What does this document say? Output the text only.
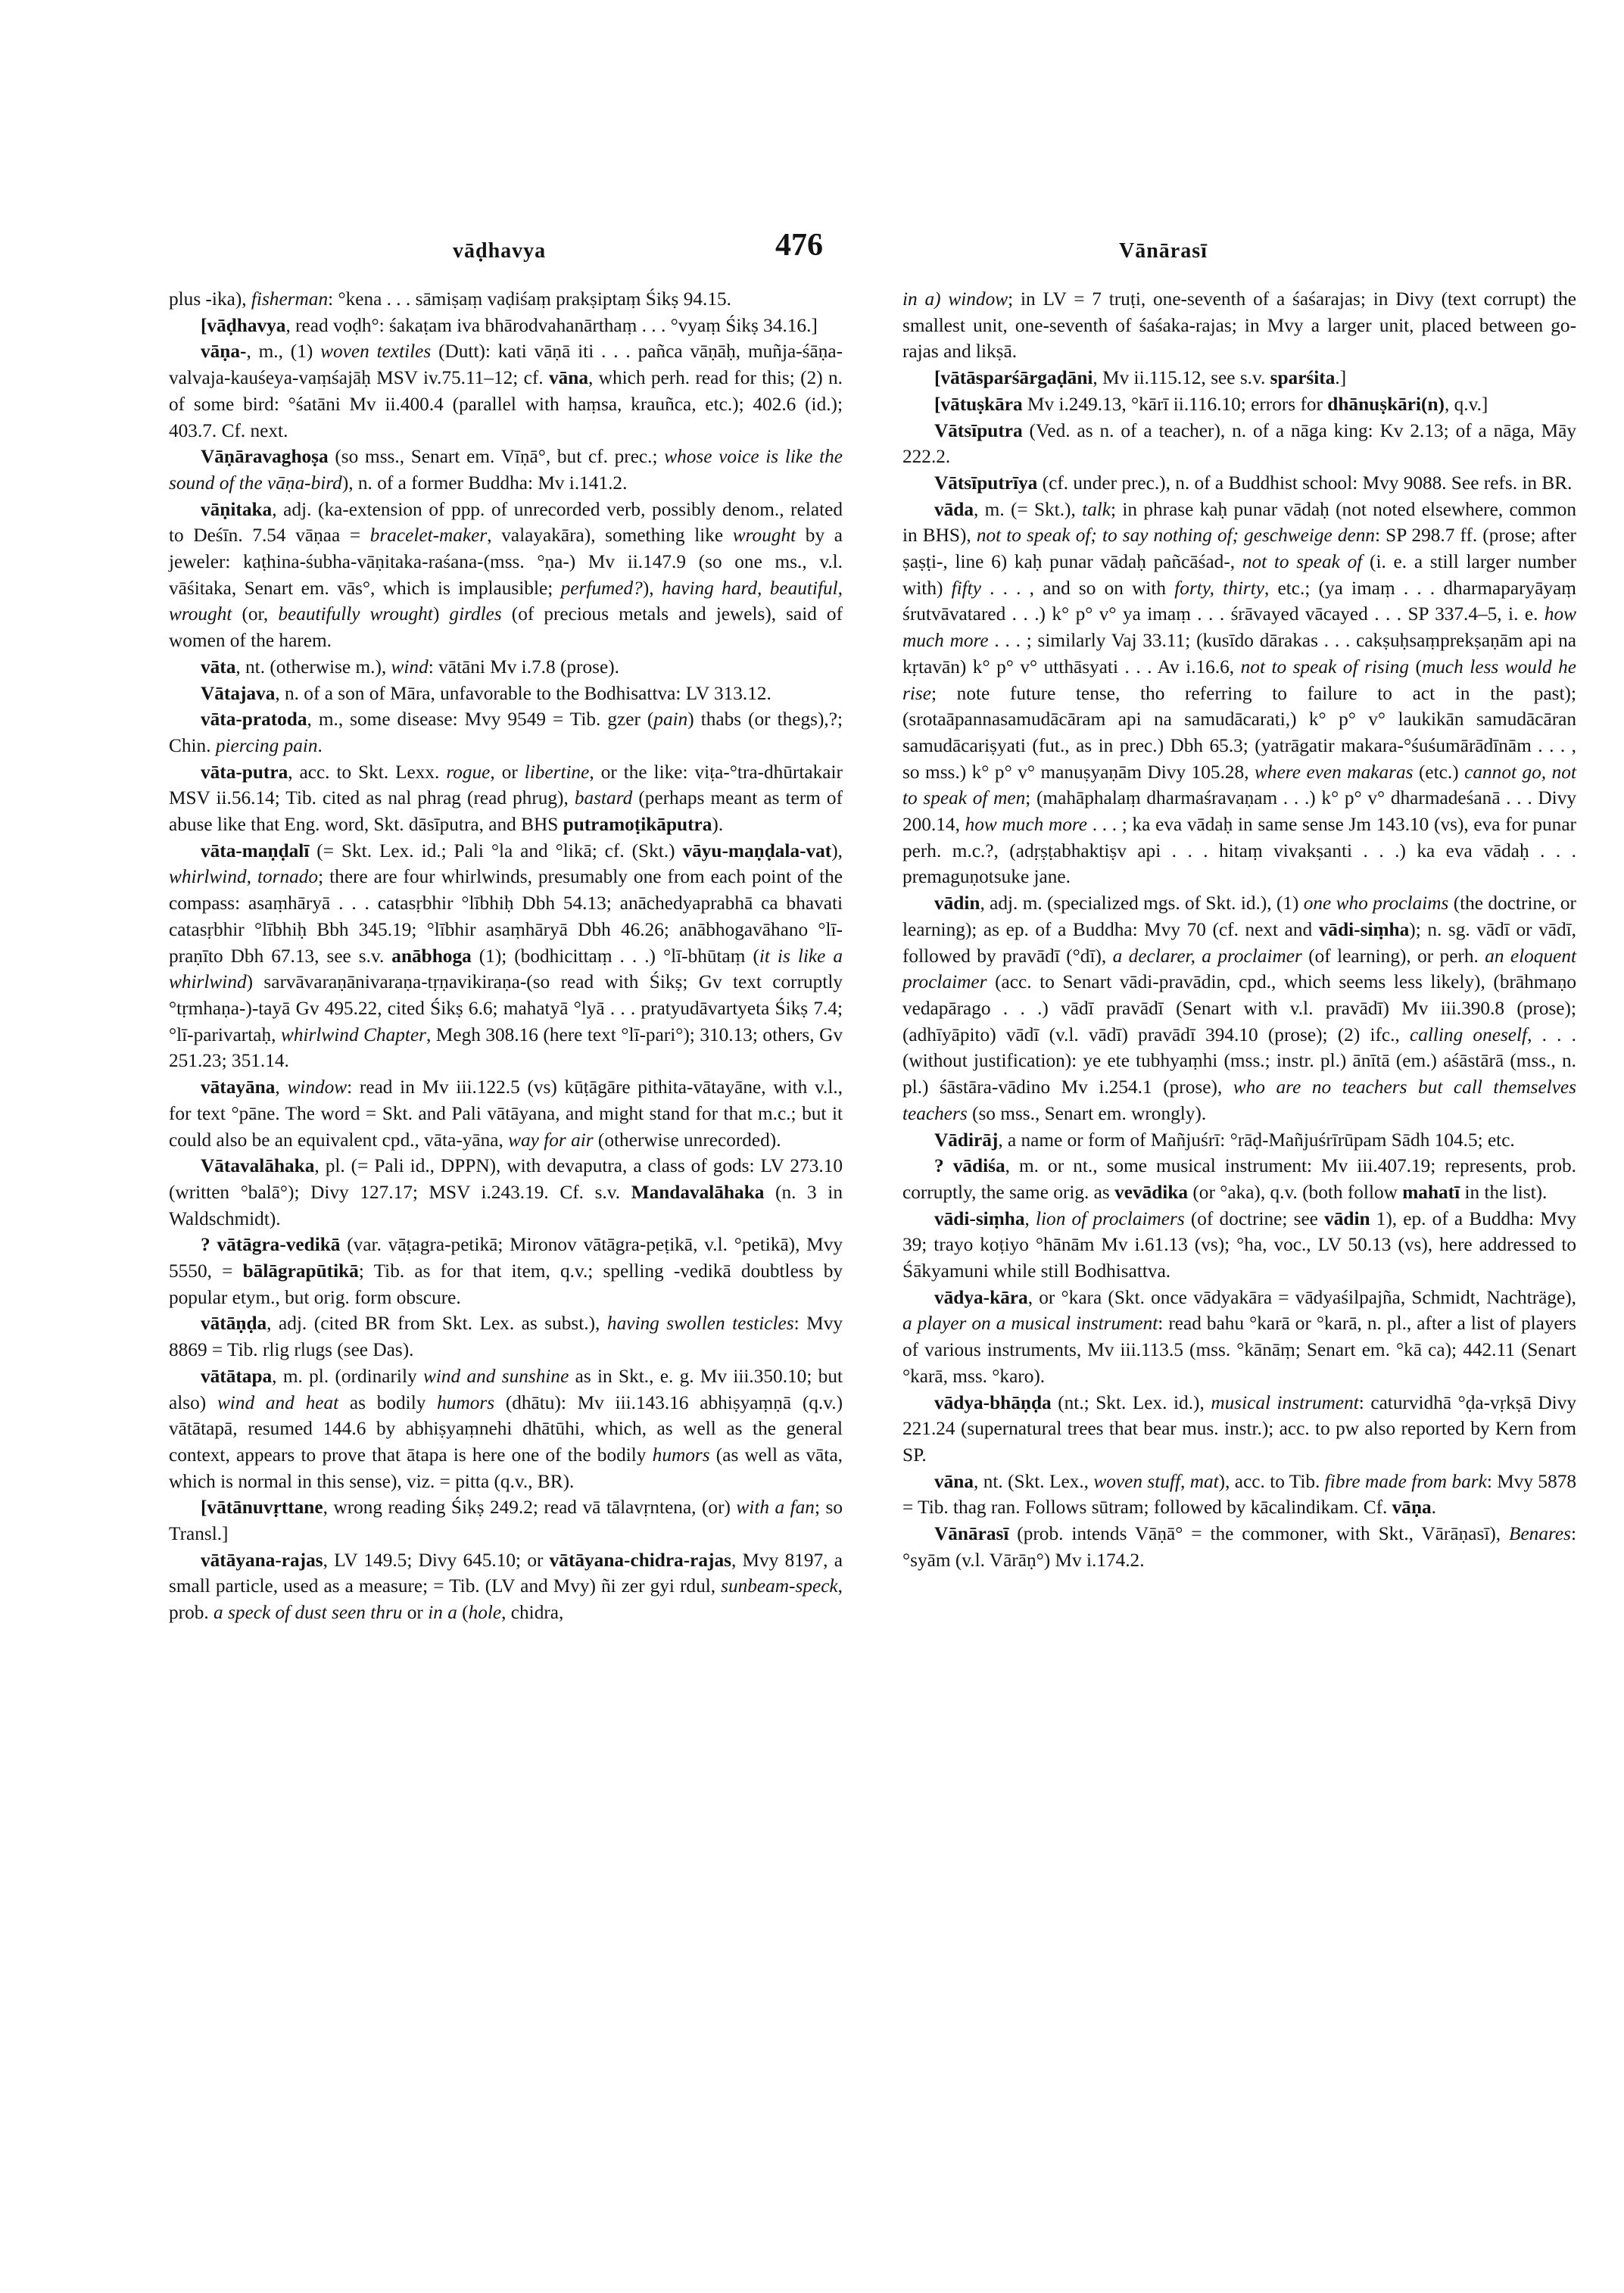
vāḍhavya	476	Vānārasī

plus -ika), fisherman: °kena . . . sāmiṣaṃ vaḍiśaṃ prakṣiptaṃ Śikṣ 94.15.

[vāḍhavya, read voḍh°: śakaṭam iva bhārodvahanārthaṃ . . . °vyaṃ Śikṣ 34.16.]

vāṇa-, m., (1) woven textiles (Dutt): kati vāṇā iti . . . pañca vāṇāḥ, muñja-śāṇa-valvaja-kauśeya-vaṃśajāḥ MSV iv.75.11–12; cf. vāna, which perh. read for this; (2) n. of some bird: °śatāni Mv ii.400.4 (parallel with haṃsa, krauñca, etc.); 402.6 (id.); 403.7. Cf. next.

Vāṇāravaghoṣa (so mss., Senart em. Vīṇā°, but cf. prec.; whose voice is like the sound of the vāṇa-bird), n. of a former Buddha: Mv i.141.2.

vāṇitaka, adj. (ka-extension of ppp. of unrecorded verb, possibly denom., related to Deśīn. 7.54 vāṇaa = bracelet-maker, valayakāra), something like wrought by a jeweler: kaṭhina-śubha-vāṇitaka-raśana-(mss. °ṇa-) Mv ii.147.9 (so one ms., v.l. vāśitaka, Senart em. vās°, which is implausible; perfumed?), having hard, beautiful, wrought (or, beautifully wrought) girdles (of precious metals and jewels), said of women of the harem.

vāta, nt. (otherwise m.), wind: vātāni Mv i.7.8 (prose).

Vātajava, n. of a son of Māra, unfavorable to the Bodhisattva: LV 313.12.

vāta-pratoda, m., some disease: Mvy 9549 = Tib. gzer (pain) thabs (or thegs),?; Chin. piercing pain.

vāta-putra, acc. to Skt. Lexx. rogue, or libertine, or the like: viṭa-°tra-dhūrtakair MSV ii.56.14; Tib. cited as nal phrag (read phrug), bastard (perhaps meant as term of abuse like that Eng. word, Skt. dāsīputra, and BHS putramoṭikāputra).

vāta-maṇḍalī (= Skt. Lex. id.; Pali °la and °likā; cf. (Skt.) vāyu-maṇḍala-vat), whirlwind, tornado; there are four whirlwinds, presumably one from each point of the compass: asaṃhāryā . . . catasṛbhir °lībhiḥ Dbh 54.13; anāchedyaprabhā ca bhavati catasṛbhir °lībhiḥ Bbh 345.19; °lībhir asaṃhāryā Dbh 46.26; anābhogavāhano °lī-praṇīto Dbh 67.13, see s.v. anābhoga (1); (bodhicittaṃ . . .) °lī-bhūtaṃ (it is like a whirlwind) sarvāvaraṇānivaraṇa-tṛṇavikiraṇa-(so read with Śikṣ; Gv text corruptly °tṛmhaṇa-)-tayā Gv 495.22, cited Śikṣ 6.6; mahatyā °lyā . . . pratyudāvartyeta Śikṣ 7.4; °lī-parivartaḥ, whirlwind Chapter, Megh 308.16 (here text °lī-pari°); 310.13; others, Gv 251.23; 351.14.

vātayāna, window: read in Mv iii.122.5 (vs) kūṭāgāre pithita-vātayāne, with v.l., for text °pāne. The word = Skt. and Pali vātāyana, and might stand for that m.c.; but it could also be an equivalent cpd., vāta-yāna, way for air (otherwise unrecorded).

Vātavalāhaka, pl. (= Pali id., DPPN), with devaputra, a class of gods: LV 273.10 (written °balā°); Divy 127.17; MSV i.243.19. Cf. s.v. Mandavalāhaka (n. 3 in Waldschmidt).

? vātāgra-vedikā (var. vāṭagra-petikā; Mironov vātāgra-peṭikā, v.l. °petikā), Mvy 5550, = bālāgrapūtikā; Tib. as for that item, q.v.; spelling -vedikā doubtless by popular etym., but orig. form obscure.

vātāṇḍa, adj. (cited BR from Skt. Lex. as subst.), having swollen testicles: Mvy 8869 = Tib. rlig rlugs (see Das).

vātātapa, m. pl. (ordinarily wind and sunshine as in Skt., e. g. Mv iii.350.10; but also) wind and heat as bodily humors (dhātu): Mv iii.143.16 abhiṣyaṃṇā (q.v.) vātātapā, resumed 144.6 by abhiṣyaṃnehi dhātūhi, which, as well as the general context, appears to prove that ātapa is here one of the bodily humors (as well as vāta, which is normal in this sense), viz. = pitta (q.v., BR).

[vātānuvṛttane, wrong reading Śikṣ 249.2; read vā tālavṛntena, (or) with a fan; so Transl.]

vātāyana-rajas, LV 149.5; Divy 645.10; or vātāyana-chidra-rajas, Mvy 8197, a small particle, used as a measure; = Tib. (LV and Mvy) ñi zer gyi rdul, sunbeam-speck, prob. a speck of dust seen thru or in a (hole, chidra,

in a) window; in LV = 7 truṭi, one-seventh of a śaśarajas; in Divy (text corrupt) the smallest unit, one-seventh of śaśaka-rajas; in Mvy a larger unit, placed between go-rajas and likṣā.

[vātāsparśārgaḍāni, Mv ii.115.12, see s.v. sparśita.]

[vātuṣkāra Mv i.249.13, °kārī ii.116.10; errors for dhānuṣkāri(n), q.v.]

Vātsīputra (Ved. as n. of a teacher), n. of a nāga king: Kv 2.13; of a nāga, Māy 222.2.

Vātsīputrīya (cf. under prec.), n. of a Buddhist school: Mvy 9088. See refs. in BR.

vāda, m. (= Skt.), talk; in phrase kaḥ punar vādaḥ (not noted elsewhere, common in BHS), not to speak of; to say nothing of; geschweige denn: SP 298.7 ff. (prose; after ṣaṣṭi-, line 6) kaḥ punar vādaḥ pañcāśad-, not to speak of (i. e. a still larger number with) fifty . . . , and so on with forty, thirty, etc.; (ya imaṃ . . . dharmaparyāyaṃ śrutvāvatared . . .) k° p° v° ya imaṃ . . . śrāvayed vācayed . . . SP 337.4–5, i. e. how much more . . . ; similarly Vaj 33.11; (kusīdo dārakas . . . cakṣuḥsaṃprekṣaṇām api na kṛtavān) k° p° v° utthāsyati . . . Av i.16.6, not to speak of rising (much less would he rise; note future tense, tho referring to failure to act in the past); (srotaāpannasamudācāram api na samudācarati,) k° p° v° laukikān samudācāran samudācariṣyati (fut., as in prec.) Dbh 65.3; (yatrāgatir makara-°śuśumārādīnām . . . , so mss.) k° p° v° manuṣyaṇām Divy 105.28, where even makaras (etc.) cannot go, not to speak of men; (mahāphalaṃ dharmaśravaṇam . . .) k° p° v° dharmadeśanā . . . Divy 200.14, how much more . . . ; ka eva vādaḥ in same sense Jm 143.10 (vs), eva for punar perh. m.c.?, (adṛṣṭabhaktiṣv api . . . hitaṃ vivakṣanti . . .) ka eva vādaḥ . . . premaguṇotsuke jane.

vādin, adj. m. (specialized mgs. of Skt. id.), (1) one who proclaims (the doctrine, or learning); as ep. of a Buddha: Mvy 70 (cf. next and vādi-siṃha); n. sg. vādī or vādī, followed by pravādī (°dī), a declarer, a proclaimer (of learning), or perh. an eloquent proclaimer (acc. to Senart vādi-pravādin, cpd., which seems less likely), (brāhmaṇo vedapārago . . .) vādī pravādī (Senart with v.l. pravādī) Mv iii.390.8 (prose); (adhīyāpito) vādī (v.l. vādī) pravādī 394.10 (prose); (2) ifc., calling oneself, . . . (without justification): ye ete tubhyaṃhi (mss.; instr. pl.) ānītā (em.) aśāstārā (mss., n. pl.) śāstāra-vādino Mv i.254.1 (prose), who are no teachers but call themselves teachers (so mss., Senart em. wrongly).

Vādirāj, a name or form of Mañjuśrī: °rāḍ-Mañjuśrīrūpam Sādh 104.5; etc.

? vādiśa, m. or nt., some musical instrument: Mv iii.407.19; represents, prob. corruptly, the same orig. as vevādika (or °aka), q.v. (both follow mahatī in the list).

vādi-siṃha, lion of proclaimers (of doctrine; see vādin 1), ep. of a Buddha: Mvy 39; trayo koṭiyo °hānām Mv i.61.13 (vs); °ha, voc., LV 50.13 (vs), here addressed to Śākyamuni while still Bodhisattva.

vādya-kāra, or °kara (Skt. once vādyakāra = vādyaśilpajña, Schmidt, Nachträge), a player on a musical instrument: read bahu °karā or °karā, n. pl., after a list of players of various instruments, Mv iii.113.5 (mss. °kānāṃ; Senart em. °kā ca); 442.11 (Senart °karā, mss. °karo).

vādya-bhāṇḍa (nt.; Skt. Lex. id.), musical instrument: caturvidhā °ḍa-vṛkṣā Divy 221.24 (supernatural trees that bear mus. instr.); acc. to pw also reported by Kern from SP.

vāna, nt. (Skt. Lex., woven stuff, mat), acc. to Tib. fibre made from bark: Mvy 5878 = Tib. thag ran. Follows sūtram; followed by kācalindikam. Cf. vāṇa.

Vānārasī (prob. intends Vāṇā° = the commoner, with Skt., Vārāṇasī), Benares: °syām (v.l. Vārāṇ°) Mv i.174.2.
